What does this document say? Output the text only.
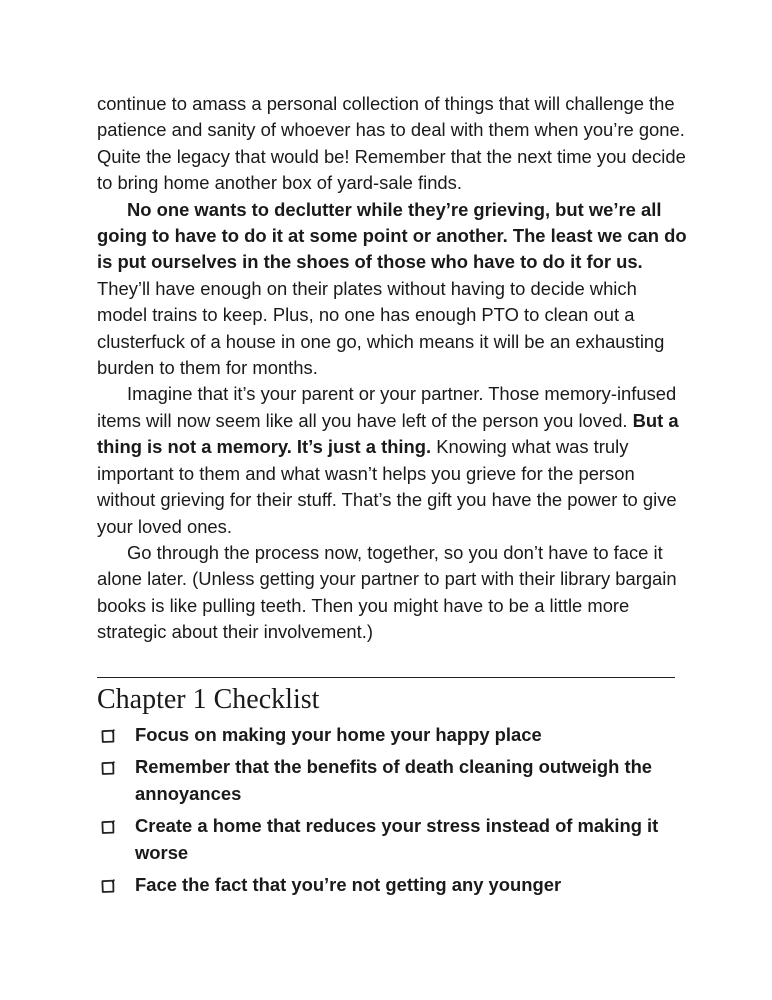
continue to amass a personal collection of things that will challenge the patience and sanity of whoever has to deal with them when you’re gone. Quite the legacy that would be! Remember that the next time you decide to bring home another box of yard-sale finds.

No one wants to declutter while they’re grieving, but we’re all going to have to do it at some point or another. The least we can do is put ourselves in the shoes of those who have to do it for us. They’ll have enough on their plates without having to decide which model trains to keep. Plus, no one has enough PTO to clean out a clusterfuck of a house in one go, which means it will be an exhausting burden to them for months.

Imagine that it’s your parent or your partner. Those memory-infused items will now seem like all you have left of the person you loved. But a thing is not a memory. It’s just a thing. Knowing what was truly important to them and what wasn’t helps you grieve for the person without grieving for their stuff. That’s the gift you have the power to give your loved ones.

Go through the process now, together, so you don’t have to face it alone later. (Unless getting your partner to part with their library bargain books is like pulling teeth. Then you might have to be a little more strategic about their involvement.)

Chapter 1 Checklist
Focus on making your home your happy place
Remember that the benefits of death cleaning outweigh the annoyances
Create a home that reduces your stress instead of making it worse
Face the fact that you’re not getting any younger
